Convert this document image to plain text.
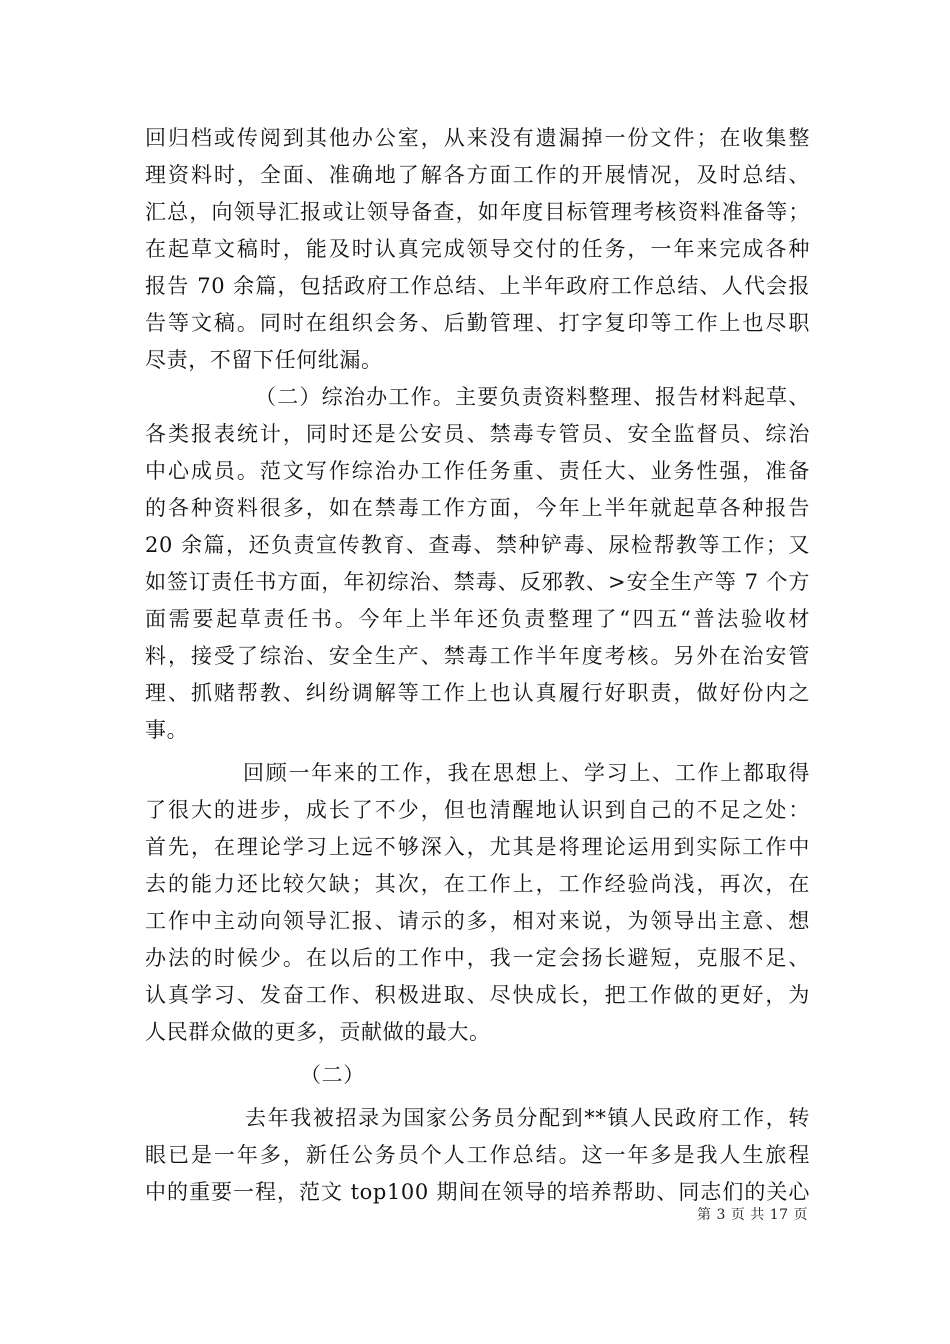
回归档或传阅到其他办公室，从来没有遗漏掉一份文件；在收集整
理资料时，全面、准确地了解各方面工作的开展情况，及时总结、
汇总，向领导汇报或让领导备查，如年度目标管理考核资料准备等；
在起草文稿时，能及时认真完成领导交付的任务，一年来完成各种
报告 70 余篇，包括政府工作总结、上半年政府工作总结、人代会报
告等文稿。同时在组织会务、后勤管理、打字复印等工作上也尽职
尽责，不留下任何纰漏。
（二）综治办工作。主要负责资料整理、报告材料起草、
各类报表统计，同时还是公安员、禁毒专管员、安全监督员、综治
中心成员。范文写作综治办工作任务重、责任大、业务性强，准备
的各种资料很多，如在禁毒工作方面，今年上半年就起草各种报告
20 余篇，还负责宣传教育、查毒、禁种铲毒、尿检帮教等工作；又
如签订责任书方面，年初综治、禁毒、反邪教、>安全生产等 7 个方
面需要起草责任书。今年上半年还负责整理了“四五“普法验收材
料，接受了综治、安全生产、禁毒工作半年度考核。另外在治安管
理、抓赌帮教、纠纷调解等工作上也认真履行好职责，做好份内之
事。
回顾一年来的工作，我在思想上、学习上、工作上都取得
了很大的进步，成长了不少，但也清醒地认识到自己的不足之处：
首先，在理论学习上远不够深入，尤其是将理论运用到实际工作中
去的能力还比较欠缺；其次，在工作上，工作经验尚浅，再次，在
工作中主动向领导汇报、请示的多，相对来说，为领导出主意、想
办法的时候少。在以后的工作中，我一定会扬长避短，克服不足、
认真学习、发奋工作、积极进取、尽快成长，把工作做的更好，为
人民群众做的更多，贡献做的最大。
（二）
去年我被招录为国家公务员分配到**镇人民政府工作，转
眼已是一年多，新任公务员个人工作总结。这一年多是我人生旅程
中的重要一程，范文 top100 期间在领导的培养帮助、同志们的关心
第 3 页 共 17 页
